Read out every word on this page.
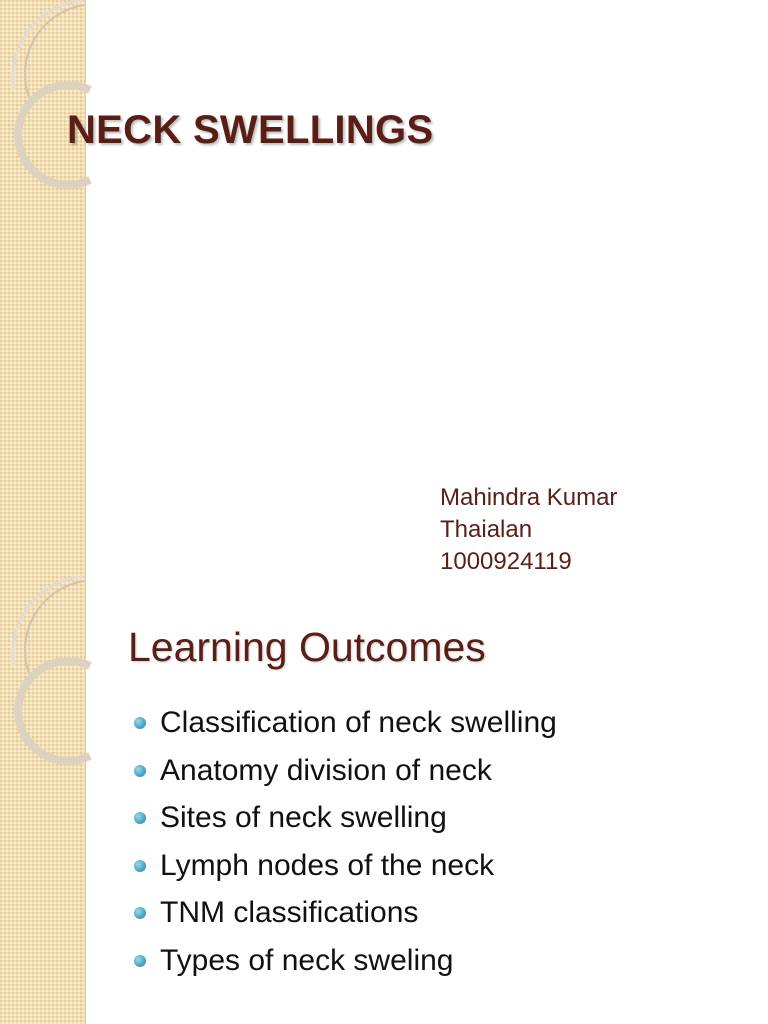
NECK SWELLINGS
Mahindra Kumar
Thaialan
1000924119
Learning Outcomes
Classification of neck swelling
Anatomy division of neck
Sites of neck swelling
Lymph nodes of the neck
TNM classifications
Types of neck sweling
